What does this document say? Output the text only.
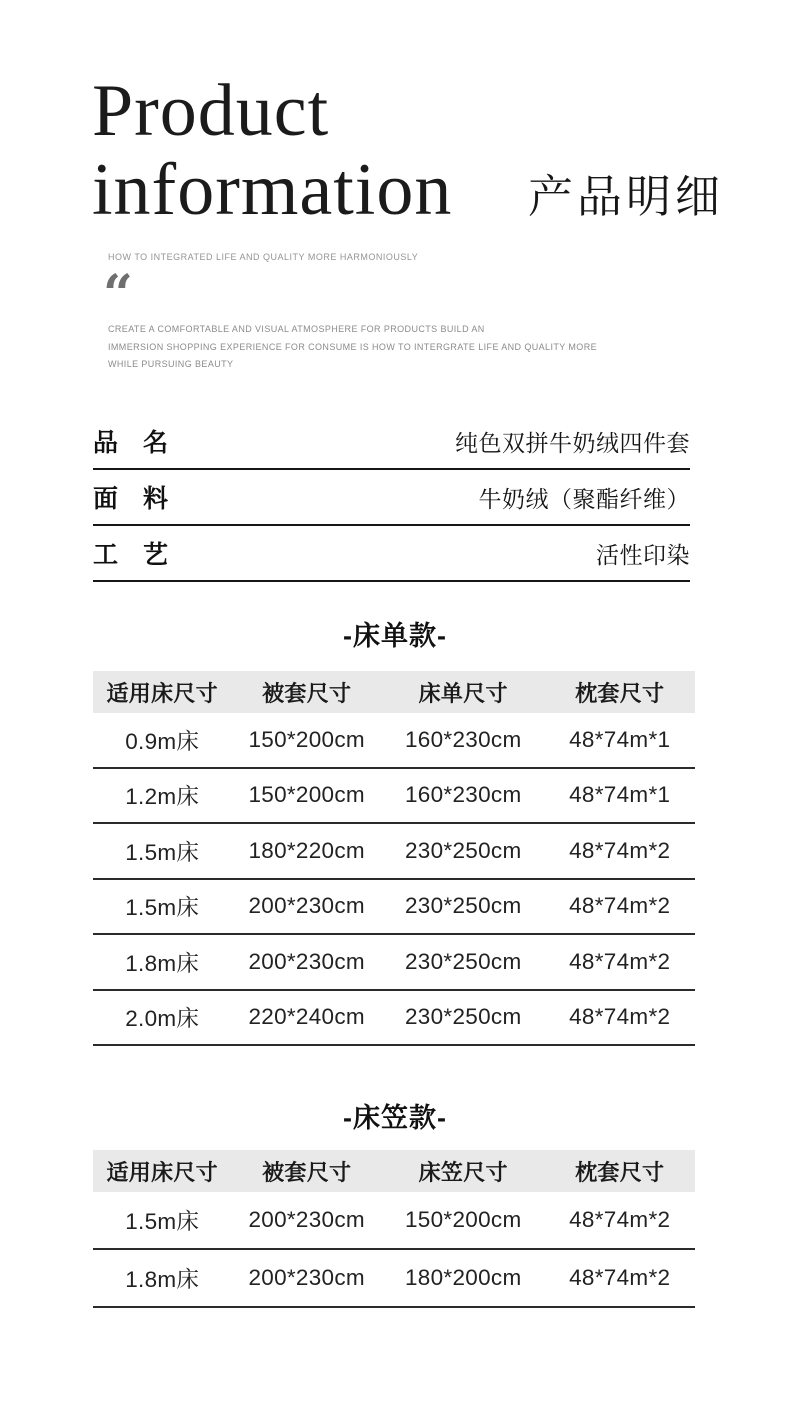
Product
information 产品明细
HOW TO INTEGRATED LIFE AND QUALITY MORE HARMONIOUSLY
“
CREATE A COMFORTABLE AND VISUAL ATMOSPHERE FOR PRODUCTS BUILD AN
IMMERSION SHOPPING EXPERIENCE FOR CONSUME IS HOW TO INTERGRATE LIFE AND QUALITY MORE
WHILE PURSUING BEAUTY
品　名	纯色双拼牛奶绒四件套
面　料	牛奶绒（聚酯纤维）
工　艺	活性印染
-床单款-
适用床尺寸	被套尺寸	床单尺寸	枕套尺寸
0.9m床	150*200cm	160*230cm	48*74m*1
1.2m床	150*200cm	160*230cm	48*74m*1
1.5m床	180*220cm	230*250cm	48*74m*2
1.5m床	200*230cm	230*250cm	48*74m*2
1.8m床	200*230cm	230*250cm	48*74m*2
2.0m床	220*240cm	230*250cm	48*74m*2
-床笠款-
适用床尺寸	被套尺寸	床笠尺寸	枕套尺寸
1.5m床	200*230cm	150*200cm	48*74m*2
1.8m床	200*230cm	180*200cm	48*74m*2
